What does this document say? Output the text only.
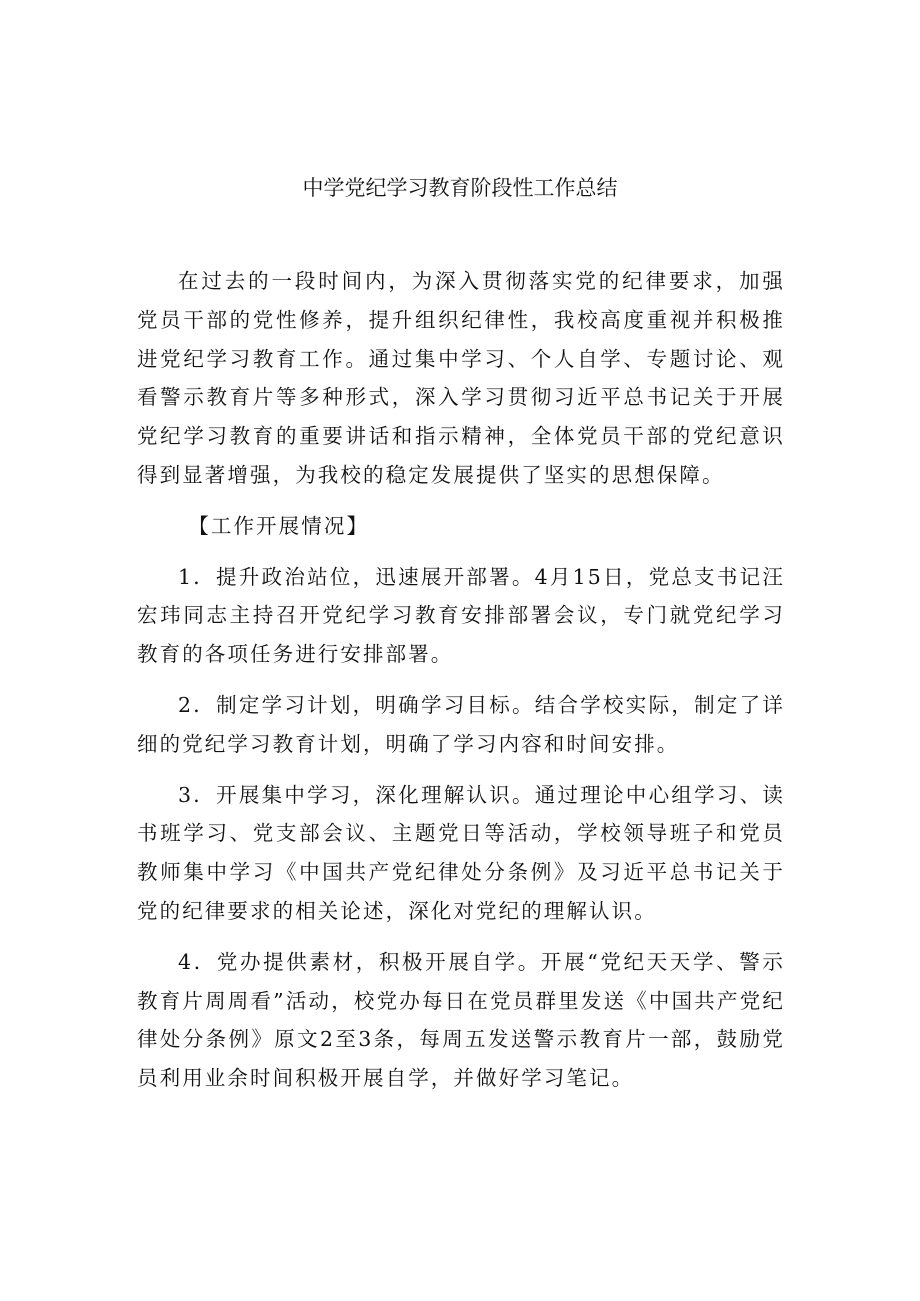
中学党纪学习教育阶段性工作总结

在过去的一段时间内，为深入贯彻落实党的纪律要求，加强党员干部的党性修养，提升组织纪律性，我校高度重视并积极推进党纪学习教育工作。通过集中学习、个人自学、专题讨论、观看警示教育片等多种形式，深入学习贯彻习近平总书记关于开展党纪学习教育的重要讲话和指示精神，全体党员干部的党纪意识得到显著增强，为我校的稳定发展提供了坚实的思想保障。

【工作开展情况】

1．提升政治站位，迅速展开部署。4月15日，党总支书记汪宏玮同志主持召开党纪学习教育安排部署会议，专门就党纪学习教育的各项任务进行安排部署。

2．制定学习计划，明确学习目标。结合学校实际，制定了详细的党纪学习教育计划，明确了学习内容和时间安排。

3．开展集中学习，深化理解认识。通过理论中心组学习、读书班学习、党支部会议、主题党日等活动，学校领导班子和党员教师集中学习《中国共产党纪律处分条例》及习近平总书记关于党的纪律要求的相关论述，深化对党纪的理解认识。

4．党办提供素材，积极开展自学。开展“党纪天天学、警示教育片周周看”活动，校党办每日在党员群里发送《中国共产党纪律处分条例》原文2至3条，每周五发送警示教育片一部，鼓励党员利用业余时间积极开展自学，并做好学习笔记。
